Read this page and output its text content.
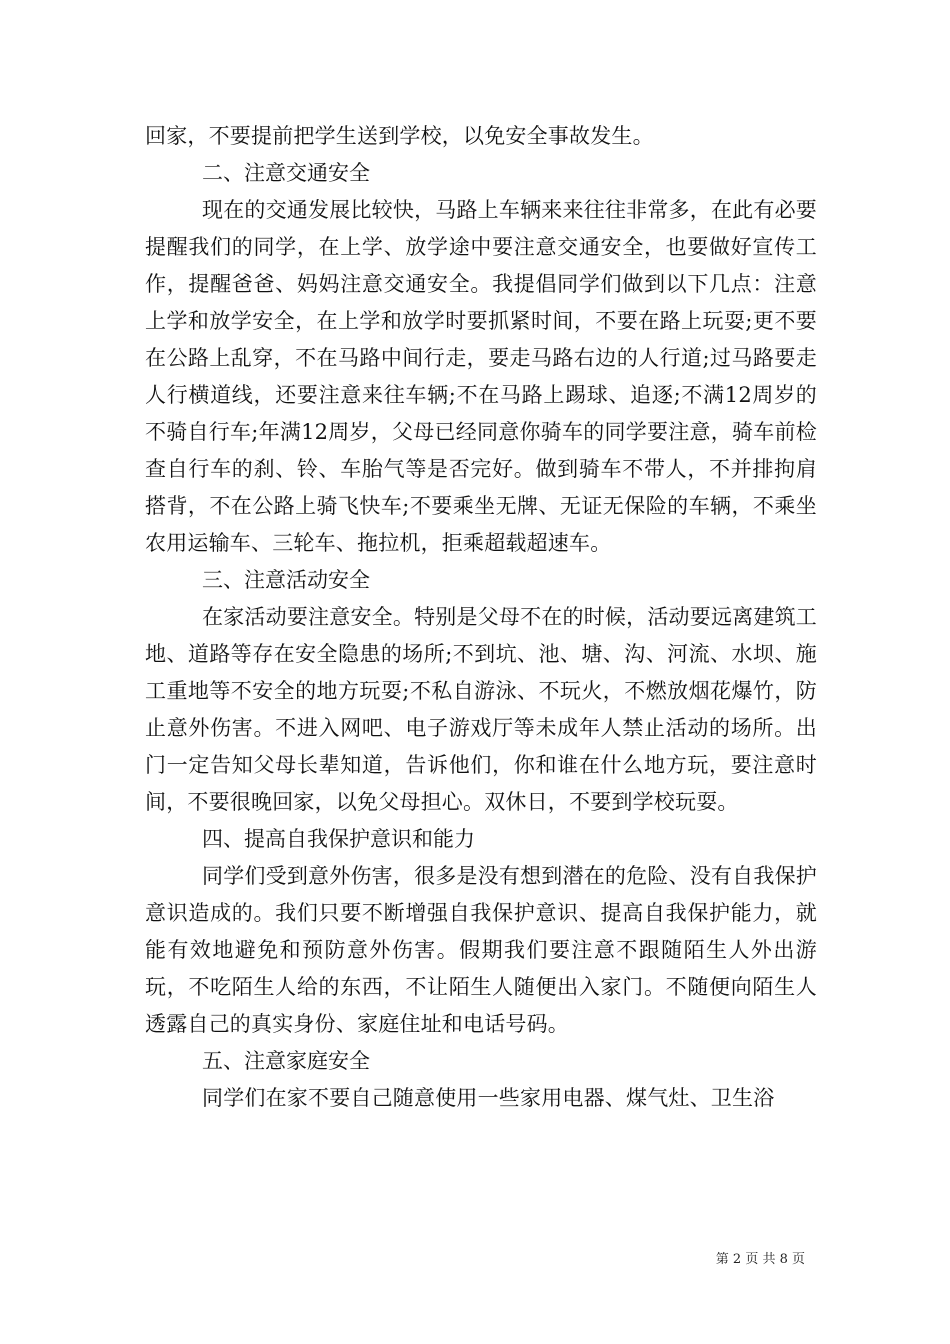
回家，不要提前把学生送到学校，以免安全事故发生。

二、注意交通安全

现在的交通发展比较快，马路上车辆来来往往非常多，在此有必要提醒我们的同学，在上学、放学途中要注意交通安全，也要做好宣传工作，提醒爸爸、妈妈注意交通安全。我提倡同学们做到以下几点：注意上学和放学安全，在上学和放学时要抓紧时间，不要在路上玩耍;更不要在公路上乱穿，不在马路中间行走，要走马路右边的人行道;过马路要走人行横道线，还要注意来往车辆;不在马路上踢球、追逐;不满12周岁的不骑自行车;年满12周岁，父母已经同意你骑车的同学要注意，骑车前检查自行车的刹、铃、车胎气等是否完好。做到骑车不带人，不并排拘肩搭背，不在公路上骑飞快车;不要乘坐无牌、无证无保险的车辆，不乘坐农用运输车、三轮车、拖拉机，拒乘超载超速车。

三、注意活动安全

在家活动要注意安全。特别是父母不在的时候，活动要远离建筑工地、道路等存在安全隐患的场所;不到坑、池、塘、沟、河流、水坝、施工重地等不安全的地方玩耍;不私自游泳、不玩火，不燃放烟花爆竹，防止意外伤害。不进入网吧、电子游戏厅等未成年人禁止活动的场所。出门一定告知父母长辈知道，告诉他们，你和谁在什么地方玩，要注意时间，不要很晚回家，以免父母担心。双休日，不要到学校玩耍。

四、提高自我保护意识和能力

同学们受到意外伤害，很多是没有想到潜在的危险、没有自我保护意识造成的。我们只要不断增强自我保护意识、提高自我保护能力，就能有效地避免和预防意外伤害。假期我们要注意不跟随陌生人外出游玩，不吃陌生人给的东西，不让陌生人随便出入家门。不随便向陌生人透露自己的真实身份、家庭住址和电话号码。

五、注意家庭安全

同学们在家不要自己随意使用一些家用电器、煤气灶、卫生浴

第 2 页 共 8 页
